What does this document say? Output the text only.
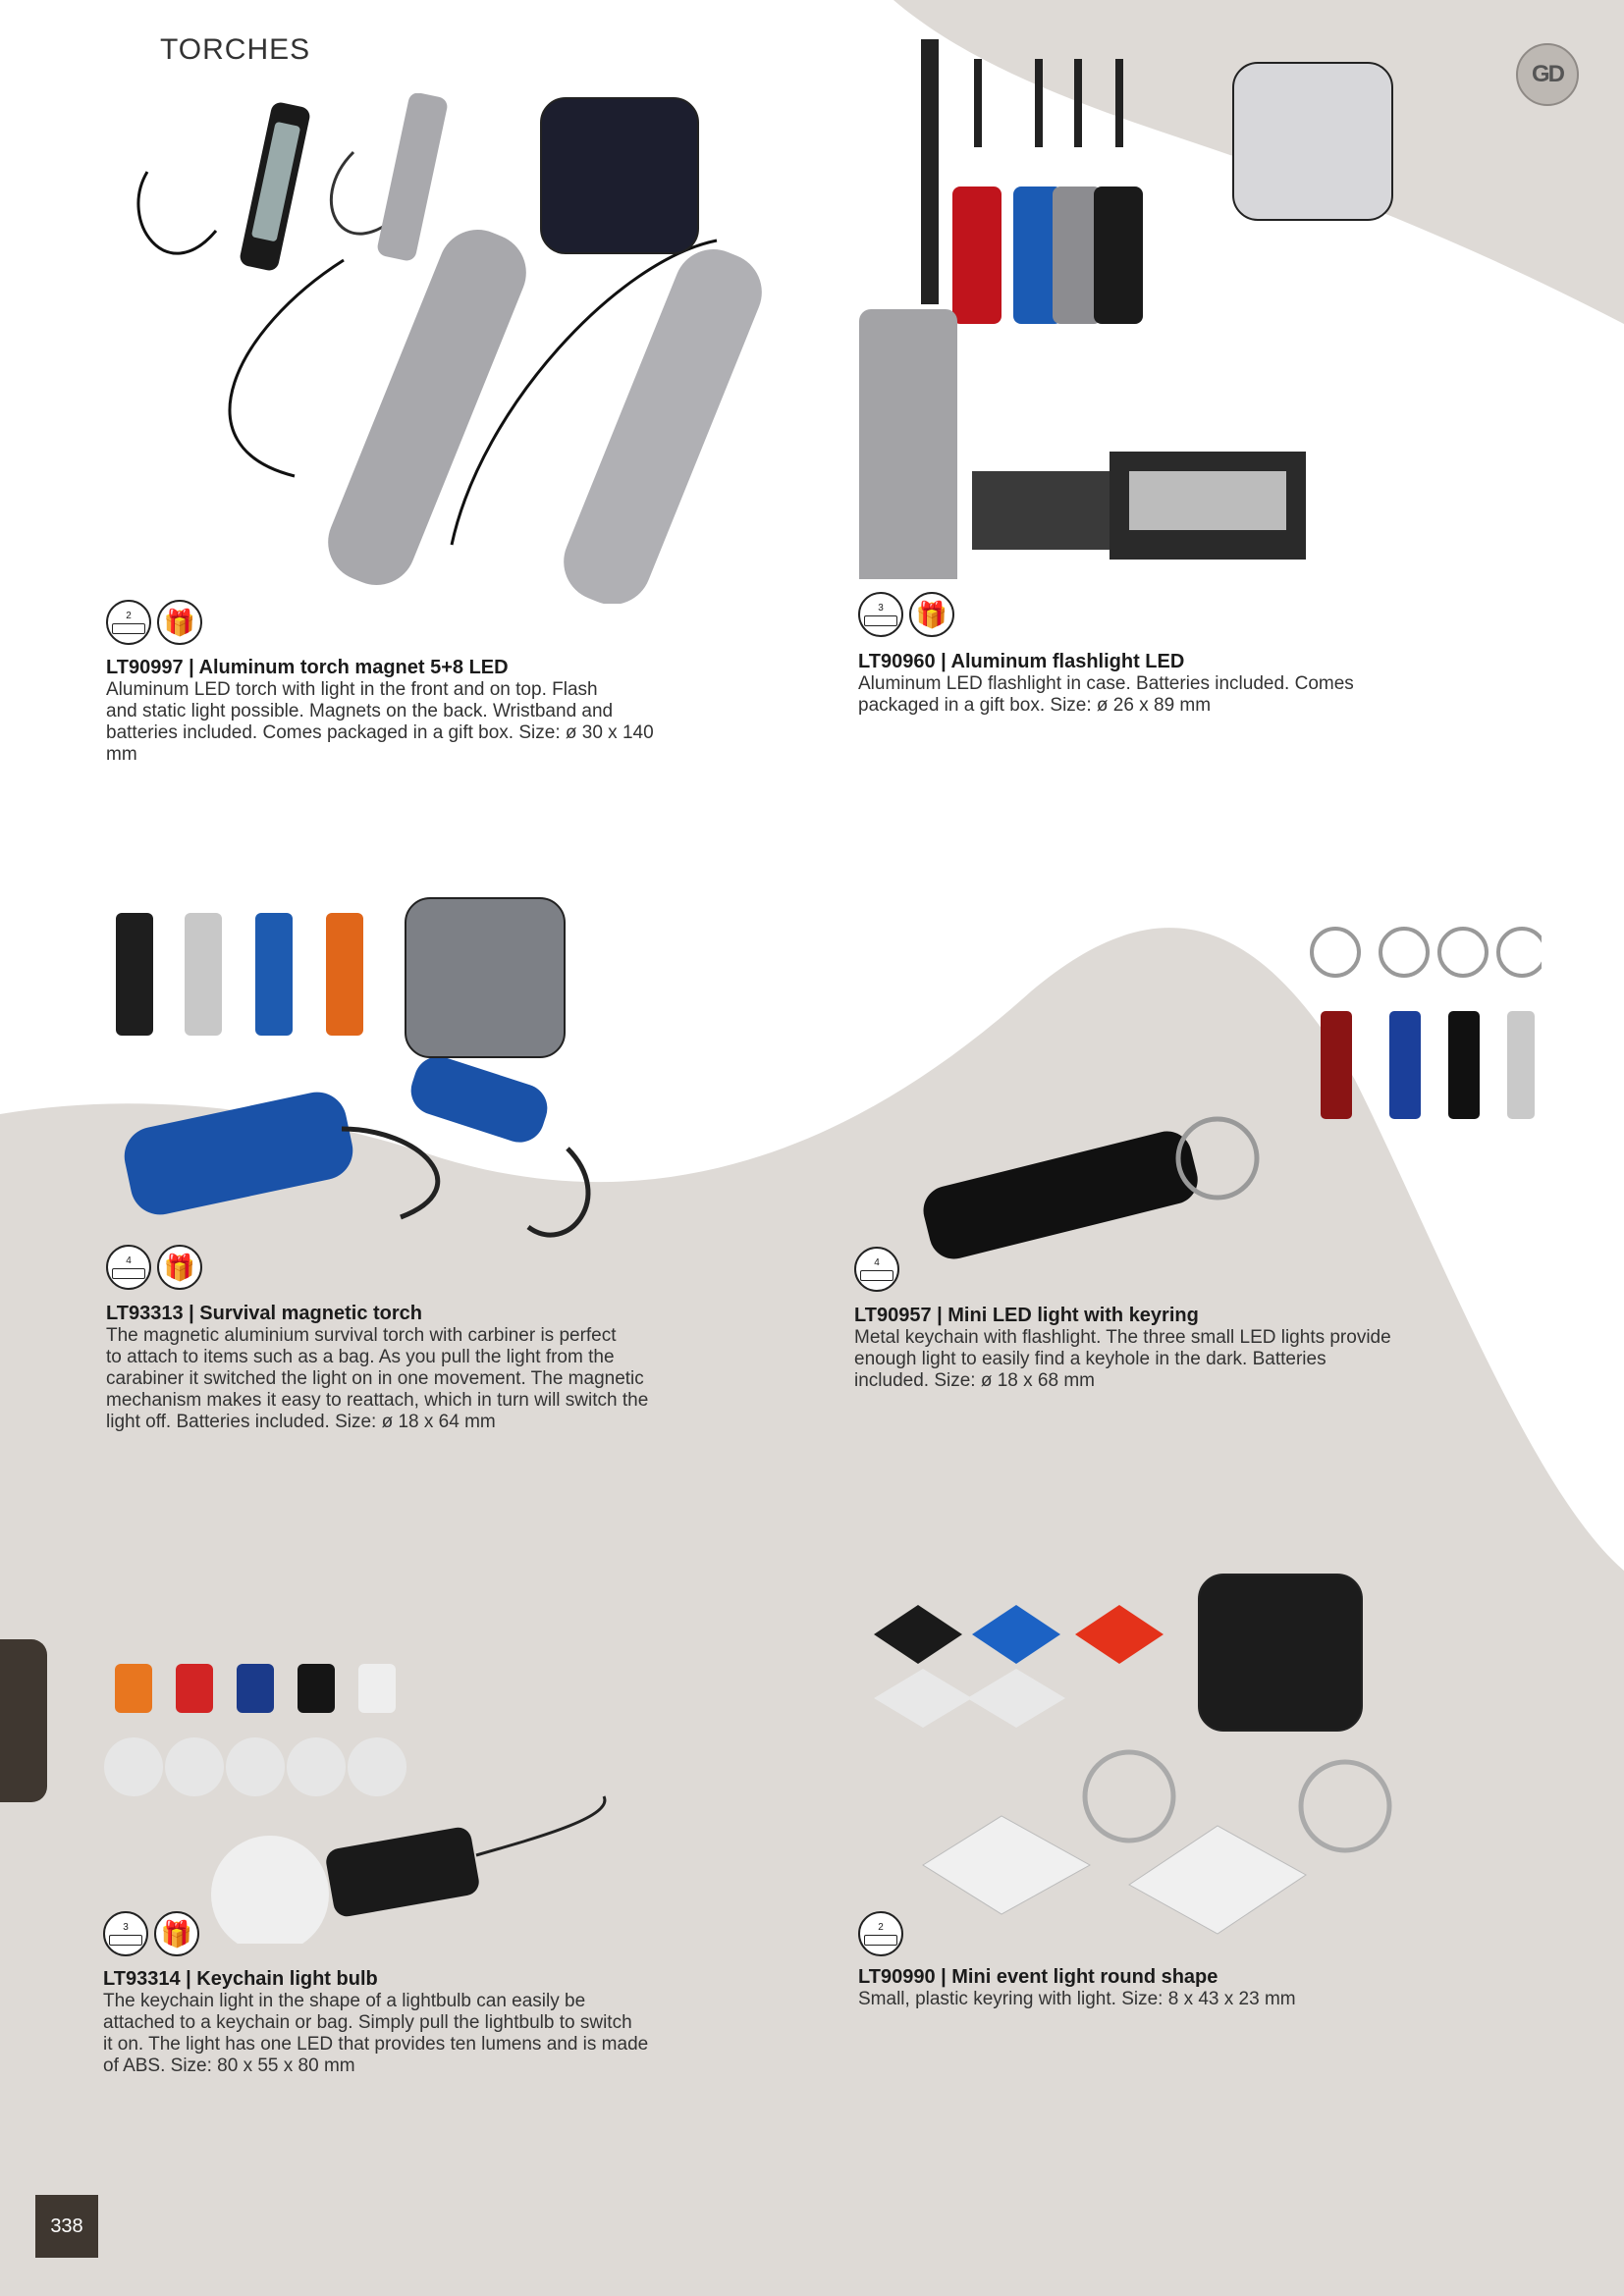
TORCHES
GD
338
2 🎁	3 🎁
4 🎁	4
3 🎁	2
LT90997 | Aluminum torch magnet 5+8 LED
Aluminum LED torch with light in the front and on top. Flash
and static light possible. Magnets on the back. Wristband and
batteries included. Comes packaged in a gift box. Size: ø 30 x 140
mm
LT90960 | Aluminum flashlight LED
Aluminum LED flashlight in case. Batteries included. Comes
packaged in a gift box. Size: ø 26 x 89 mm
LT93313 | Survival magnetic torch
The magnetic aluminium survival torch with carbiner is perfect
to attach to items such as a bag. As you pull the light from the
carabiner it switched the light on in one movement. The magnetic
mechanism makes it easy to reattach, which in turn will switch the
light off. Batteries included. Size: ø 18 x 64 mm
LT90957 | Mini LED light with keyring
Metal keychain with flashlight. The three small LED lights provide
enough light to easily find a keyhole in the dark. Batteries
included. Size: ø 18 x 68 mm
LT93314 | Keychain light bulb
The keychain light in the shape of a lightbulb can easily be
attached to a keychain or bag. Simply pull the lightbulb to switch
it on. The light has one LED that provides ten lumens and is made
of ABS. Size: 80 x 55 x 80 mm
LT90990 | Mini event light round shape
Small, plastic keyring with light. Size: 8 x 43 x 23 mm
